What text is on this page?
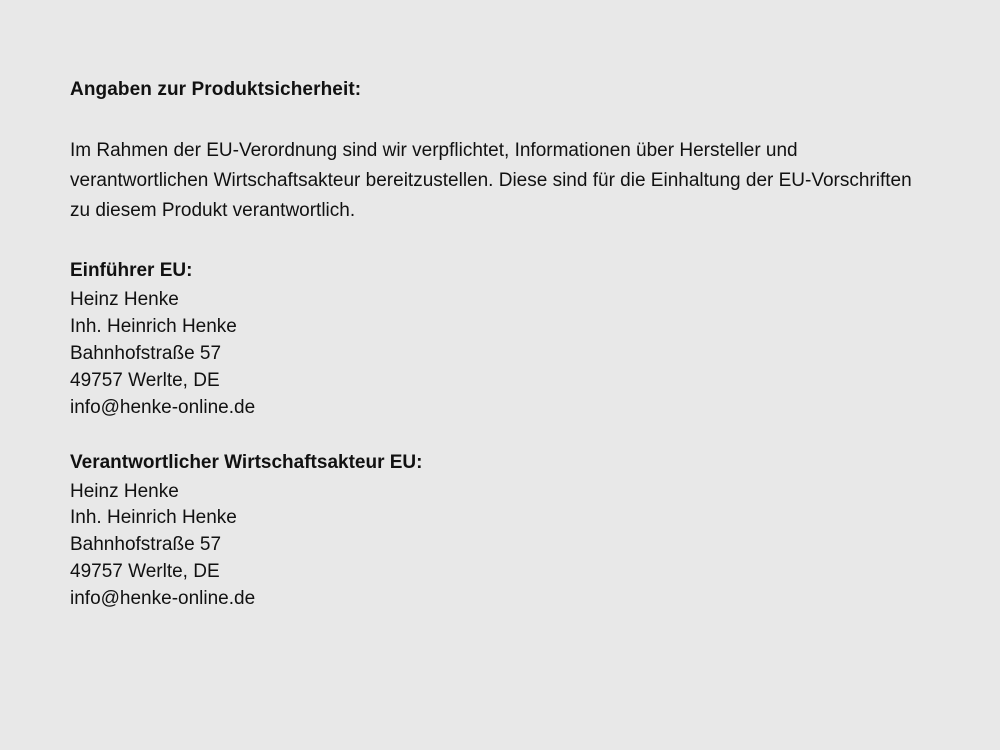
Angaben zur Produktsicherheit:

Im Rahmen der EU-Verordnung sind wir verpflichtet, Informationen über Hersteller und verantwortlichen Wirtschaftsakteur bereitzustellen. Diese sind für die Einhaltung der EU-Vorschriften zu diesem Produkt verantwortlich.

Einführer EU:

Heinz Henke

Inh. Heinrich Henke

Bahnhofstraße 57

49757 Werlte, DE

info@henke-online.de

Verantwortlicher Wirtschaftsakteur EU:

Heinz Henke

Inh. Heinrich Henke

Bahnhofstraße 57

49757 Werlte, DE

info@henke-online.de
